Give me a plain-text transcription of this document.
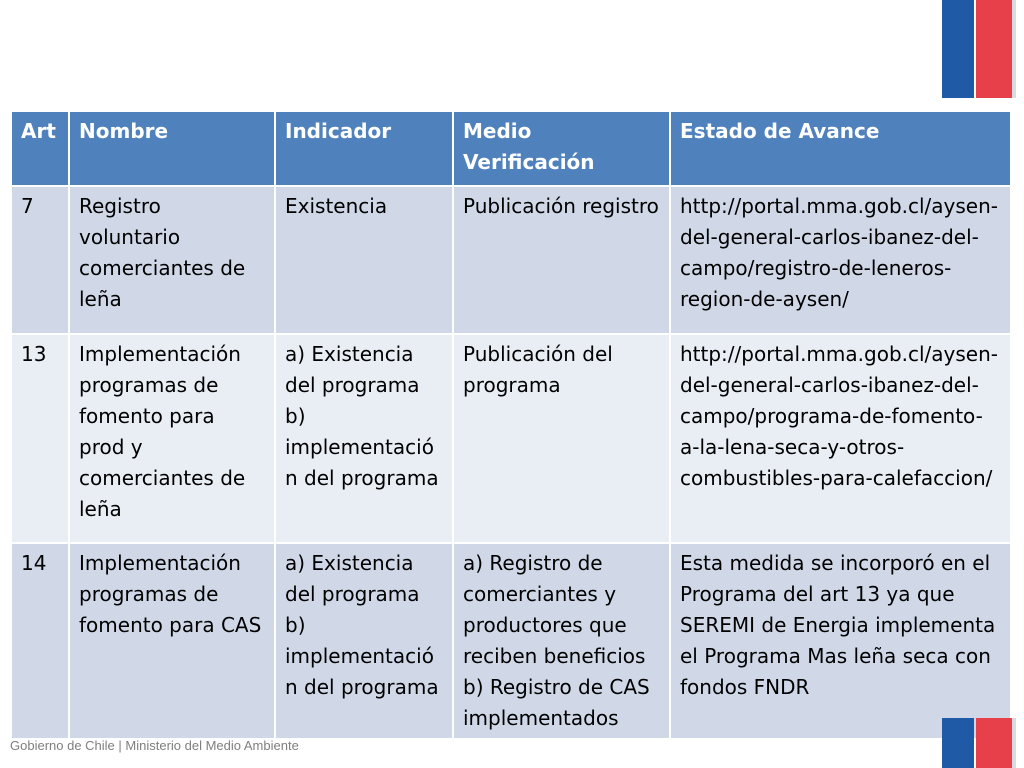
Art	Nombre	Indicador	Medio Verificación	Estado de Avance
7	Registro voluntario comerciantes de leña	Existencia	Publicación registro	http://portal.mma.gob.cl/aysen-del-general-carlos-ibanez-del-campo/registro-de-leneros-region-de-aysen/
13	Implementación programas de fomento para prod y comerciantes de leña	a) Existencia del programa b) implementación del programa	Publicación del programa	http://portal.mma.gob.cl/aysen-del-general-carlos-ibanez-del-campo/programa-de-fomento-a-la-lena-seca-y-otros-combustibles-para-calefaccion/
14	Implementación programas de fomento para CAS	a) Existencia del programa b) implementación del programa	a) Registro de comerciantes y productores que reciben beneficios b) Registro de CAS implementados	Esta medida se incorporó en el Programa del art 13 ya que SEREMI de Energia implementa el Programa Mas leña seca con fondos FNDR
Gobierno de Chile | Ministerio del Medio Ambiente
